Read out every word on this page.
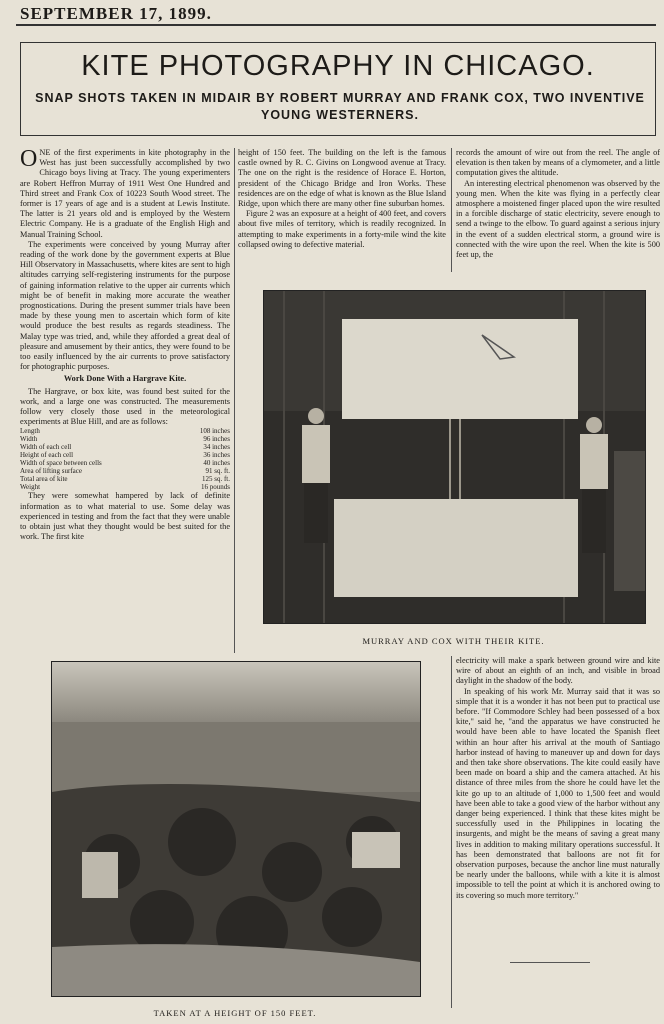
SEPTEMBER 17, 1899.
KITE PHOTOGRAPHY IN CHICAGO.
SNAP SHOTS TAKEN IN MIDAIR BY ROBERT MURRAY AND FRANK COX, TWO INVENTIVE YOUNG WESTERNERS.

ONE of the first experiments in kite photography in the West has just been successfully accomplished by two Chicago boys living at Tracy. The young experimenters are Robert Heffron Murray of 1911 West One Hundred and Third street and Frank Cox of 10223 South Wood street. The former is 17 years of age and is a student at Lewis Institute. The latter is 21 years old and is employed by the Western Electric Company. He is a graduate of the English High and Manual Training School.

The experiments were conceived by young Murray after reading of the work done by the government experts at Blue Hill Observatory in Massachusetts, where kites are sent to high altitudes carrying self-registering instruments for the purpose of gaining information relative to the upper air currents which might be of benefit in making more accurate the weather prognostications. During the present summer trials have been made by these young men to ascertain which form of kite would produce the best results as regards steadiness. The Malay type was tried, and, while they afforded a great deal of pleasure and amusement by their antics, they were found to be too easily influenced by the air currents to prove satisfactory for photographic purposes.

Work Done With a Hargrave Kite.

The Hargrave, or box kite, was found best suited for the work, and a large one was constructed. The measurements follow very closely those used in the meteorological experiments at Blue Hill, and are as follows:

Length	108 inches
Width	96 inches
Width of each cell	34 inches
Height of each cell	36 inches
Width of space between cells	40 inches
Area of lifting surface	91 sq. ft.
Total area of kite	125 sq. ft.
Weight	16 pounds

They were somewhat hampered by lack of definite information as to what material to use. Some delay was experienced in testing and from the fact that they were unable to obtain just what they thought would be best suited for the work. The first kite

height of 150 feet. The building on the left is the famous castle owned by R. C. Givins on Longwood avenue at Tracy. The one on the right is the residence of Horace E. Horton, president of the Chicago Bridge and Iron Works. These residences are on the edge of what is known as the Blue Island Ridge, upon which there are many other fine suburban homes.

Figure 2 was an exposure at a height of 400 feet, and covers about five miles of territory, which is readily recognized. In attempting to make experiments in a forty-mile wind the kite collapsed owing to defective material.

records the amount of wire out from the reel. The angle of elevation is then taken by means of a clymometer, and a little computation gives the altitude.

An interesting electrical phenomenon was observed by the young men. When the kite was flying in a perfectly clear atmosphere a moistened finger placed upon the wire resulted in a forcible discharge of static electricity, severe enough to send a twinge to the elbow. To guard against a serious injury in the event of a sudden electrical storm, a ground wire is connected with the wire upon the reel. When the kite is 500 feet up, the

MURRAY AND COX WITH THEIR KITE.
TAKEN AT A HEIGHT OF 150 FEET.

electricity will make a spark between ground wire and kite wire of about an eighth of an inch, and visible in broad daylight in the shadow of the body.

In speaking of his work Mr. Murray said that it was so simple that it is a wonder it has not been put to practical use before. "If Commodore Schley had been possessed of a box kite," said he, "and the apparatus we have constructed he would have been able to have located the Spanish fleet within an hour after his arrival at the mouth of Santiago harbor instead of having to maneuver up and down for days and then take shore observations. The kite could easily have been made on board a ship and the camera attached. At his distance of three miles from the shore he could have let the kite go up to an altitude of 1,000 to 1,500 feet and would have been able to take a good view of the harbor without any danger being experienced. I think that these kites might be successfully used in the Philippines in locating the insurgents, and might be the means of saving a great many lives in addition to making military operations successful. It has been demonstrated that balloons are not fit for observation purposes, because the anchor line must naturally be nearly under the balloons, while with a kite it is almost impossible to tell the point at which it is anchored owing to its covering so much more territory."
